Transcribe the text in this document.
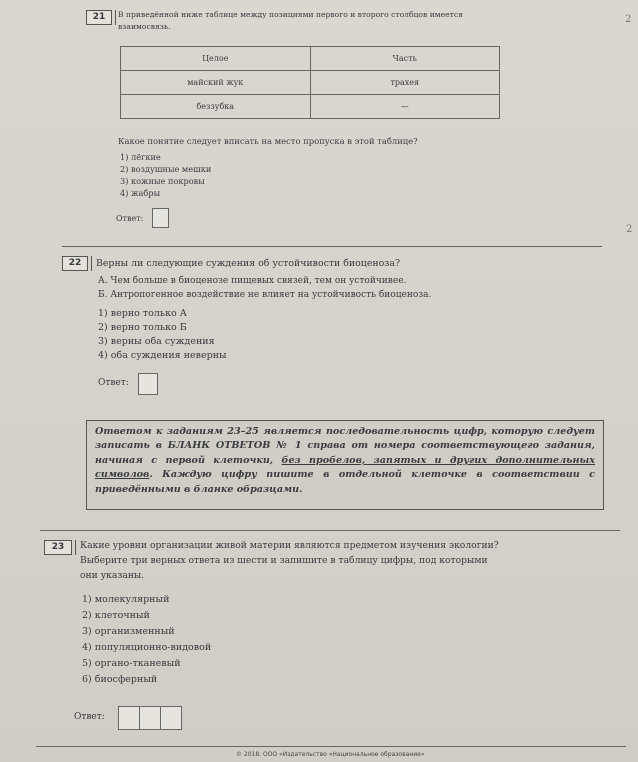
21	В приведённой ниже таблице между позициями первого и второго столбцов имеется
взаимосвязь.
2
Целое	Часть
майский жук	трахея
беззубка	—
Какое понятие следует вписать на место пропуска в этой таблице?
1) лёгкие
2) воздушные мешки
3) кожные покровы
4) жабры
Ответ:
22	Верны ли следующие суждения об устойчивости биоценоза?
А. Чем больше в биоценозе пищевых связей, тем он устойчивее.
Б. Антропогенное воздействие не влияет на устойчивость биоценоза.
2
1) верно только А
2) верно только Б
3) верны оба суждения
4) оба суждения неверны
Ответ:
Ответом к заданиям 23–25 является последовательность цифр, которую следует записать в БЛАНК ОТВЕТОВ № 1 справа от номера соответствующего задания, начиная с первой клеточки, без пробелов, запятых и других дополнительных символов. Каждую цифру пишите в отдельной клеточке в соответствии с приведёнными в бланке образцами.
23	Какие уровни организации живой материи являются предметом изучения экологии?
Выберите три верных ответа из шести и запишите в таблицу цифры, под которыми
они указаны.
1) молекулярный
2) клеточный
3) организменный
4) популяционно-видовой
5) органо-тканевый
6) биосферный
Ответ:
© 2018. ООО «Издательство «Национальное образование»
